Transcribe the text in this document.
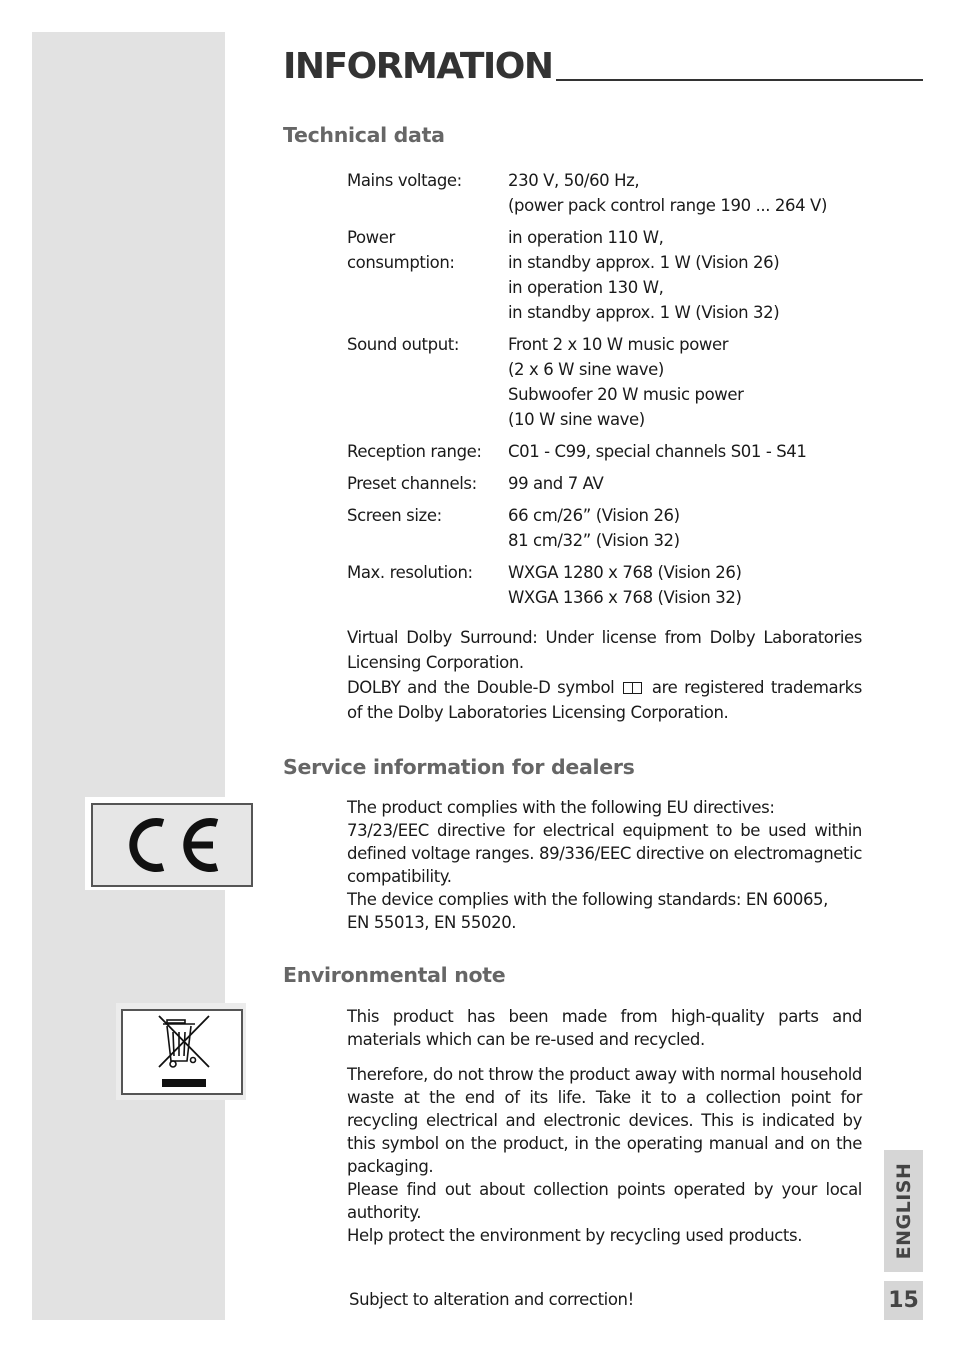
INFORMATION
Technical data
Mains voltage:	230 V, 50/60 Hz,
(power pack control range 190 ... 264 V)
Power consumption:
in operation 110 W,
in standby approx. 1 W (Vision 26)
in operation 130 W,
in standby approx. 1 W (Vision 32)
Sound output:	Front 2 x 10 W music power
(2 x 6 W sine wave)
Subwoofer 20 W music power
(10 W sine wave)
Reception range:	C01 - C99, special channels S01 - S41
Preset channels:	99 and 7 AV
Screen size:	66 cm/26” (Vision 26)
81 cm/32” (Vision 32)
Max. resolution:	WXGA 1280 x 768 (Vision 26)
WXGA 1366 x 768 (Vision 32)

Virtual Dolby Surround: Under license from Dolby Laboratories Licensing Corporation.

DOLBY and the Double-D symbol are registered trademarks of the Dolby Laboratories Licensing Corporation.

Service information for dealers

The product complies with the following EU directives:

73/23/EEC directive for electrical equipment to be used within defined voltage ranges. 89/336/EEC directive on electromagnetic compatibility.

The device complies with the following standards: EN 60065,

EN 55013, EN 55020.

Environmental note

This product has been made from high-quality parts and materials which can be re-used and recycled.

Therefore, do not throw the product away with normal household waste at the end of its life. Take it to a collection point for recycling electrical and electronic devices. This is indicated by this symbol on the product, in the operating manual and on the packaging.

Please find out about collection points operated by your local authority.

Help protect the environment by recycling used products.

Subject to alteration and correction!
ENGLISH
15
